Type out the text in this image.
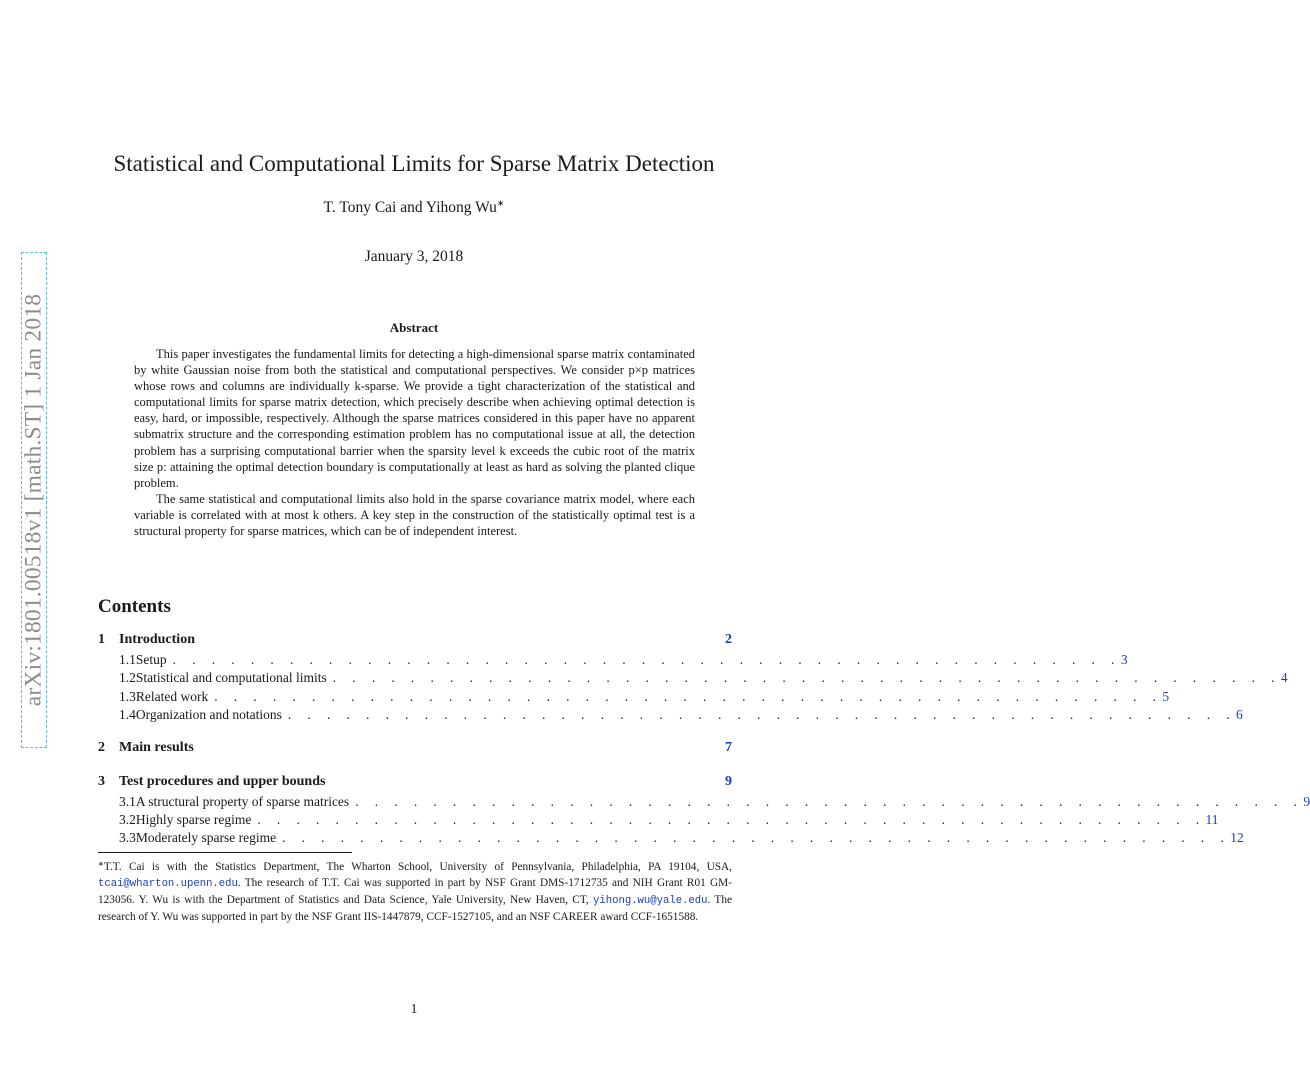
arXiv:1801.00518v1 [math.ST] 1 Jan 2018
Statistical and Computational Limits for Sparse Matrix Detection
T. Tony Cai and Yihong Wu∗
January 3, 2018
Abstract

This paper investigates the fundamental limits for detecting a high-dimensional sparse matrix contaminated by white Gaussian noise from both the statistical and computational perspectives. We consider p×p matrices whose rows and columns are individually k-sparse. We provide a tight characterization of the statistical and computational limits for sparse matrix detection, which precisely describe when achieving optimal detection is easy, hard, or impossible, respectively. Although the sparse matrices considered in this paper have no apparent submatrix structure and the corresponding estimation problem has no computational issue at all, the detection problem has a surprising computational barrier when the sparsity level k exceeds the cubic root of the matrix size p: attaining the optimal detection boundary is computationally at least as hard as solving the planted clique problem.

The same statistical and computational limits also hold in the sparse covariance matrix model, where each variable is correlated with at most k others. A key step in the construction of the statistically optimal test is a structural property for sparse matrices, which can be of independent interest.

Contents
1	Introduction	2
1.1 Setup . . . . . . . . . . . . . . . . . . . . . . . . . . . . . . . . . . . . . . . . . . . . . . . . . 3
1.2 Statistical and computational limits . . . . . . . . . . . . . . . . . . . . . . . . . . . . . . . . . . . . . . . . . . . . . . . . . 4
1.3 Related work . . . . . . . . . . . . . . . . . . . . . . . . . . . . . . . . . . . . . . . . . . . . . . . . . 5
1.4 Organization and notations . . . . . . . . . . . . . . . . . . . . . . . . . . . . . . . . . . . . . . . . . . . . . . . . . 6
2	Main results	7
3	Test procedures and upper bounds	9
3.1 A structural property of sparse matrices . . . . . . . . . . . . . . . . . . . . . . . . . . . . . . . . . . . . . . . . . . . . . . . . . 9
3.2 Highly sparse regime . . . . . . . . . . . . . . . . . . . . . . . . . . . . . . . . . . . . . . . . . . . . . . . . . 11
3.3 Moderately sparse regime . . . . . . . . . . . . . . . . . . . . . . . . . . . . . . . . . . . . . . . . . . . . . . . . . 12
∗T.T. Cai is with the Statistics Department, The Wharton School, University of Pennsylvania, Philadelphia, PA 19104, USA, tcai@wharton.upenn.edu. The research of T.T. Cai was supported in part by NSF Grant DMS-1712735 and NIH Grant R01 GM-123056. Y. Wu is with the Department of Statistics and Data Science, Yale University, New Haven, CT, yihong.wu@yale.edu. The research of Y. Wu was supported in part by the NSF Grant IIS-1447879, CCF-1527105, and an NSF CAREER award CCF-1651588.
1
